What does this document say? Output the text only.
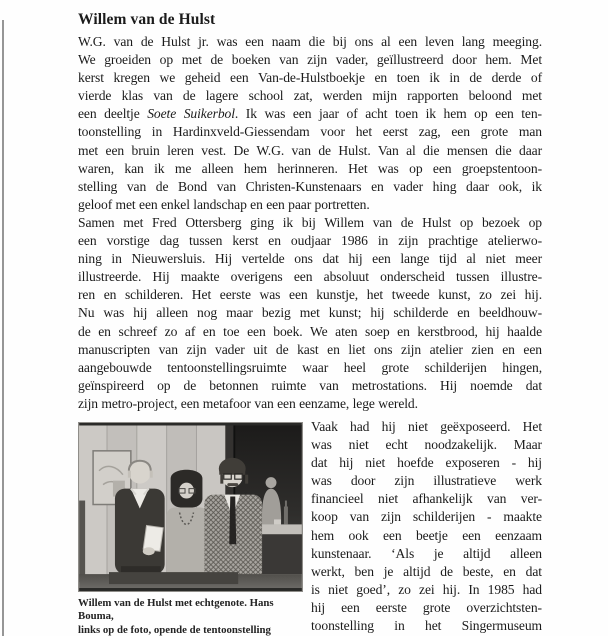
Willem van de Hulst
W.G. van de Hulst jr. was een naam die bij ons al een leven lang meeging.
We groeiden op met de boeken van zijn vader, geïllustreerd door hem. Met
kerst kregen we geheid een Van-de-Hulstboekje en toen ik in de derde of
vierde klas van de lagere school zat, werden mijn rapporten beloond met
een deeltje Soete Suikerbol. Ik was een jaar of acht toen ik hem op een ten-
toonstelling in Hardinxveld-Giessendam voor het eerst zag, een grote man
met een bruin leren vest. De W.G. van de Hulst. Van al die mensen die daar
waren, kan ik me alleen hem herinneren. Het was op een groepstentoon-
stelling van de Bond van Christen-Kunstenaars en vader hing daar ook, ik
geloof met een enkel landschap en een paar portretten.
Samen met Fred Ottersberg ging ik bij Willem van de Hulst op bezoek op
een vorstige dag tussen kerst en oudjaar 1986 in zijn prachtige atelierwo-
ning in Nieuwersluis. Hij vertelde ons dat hij een lange tijd al niet meer
illustreerde. Hij maakte overigens een absoluut onderscheid tussen illustre-
ren en schilderen. Het eerste was een kunstje, het tweede kunst, zo zei hij.
Nu was hij alleen nog maar bezig met kunst; hij schilderde en beeldhouw-
de en schreef zo af en toe een boek. We aten soep en kerstbrood, hij haalde
manuscripten van zijn vader uit de kast en liet ons zijn atelier zien en een
aangebouwde tentoonstellingsruimte waar heel grote schilderijen hingen,
geïnspireerd op de betonnen ruimte van metrostations. Hij noemde dat
zijn metro-project, een metafoor van een eenzame, lege wereld.
Willem van de Hulst met echtgenote. Hans Bouma,
links op de foto, opende de tentoonstelling
Vaak had hij niet geëxposeerd. Het
was niet echt noodzakelijk. Maar
dat hij niet hoefde exposeren - hij
was door zijn illustratieve werk
financieel niet afhankelijk van ver-
koop van zijn schilderijen - maakte
hem ook een beetje een eenzaam
kunstenaar. ‘Als je altijd alleen
werkt, ben je altijd de beste, en dat
is niet goed’, zo zei hij. In 1985 had
hij een eerste grote overzichtsten-
toonstelling in het Singermuseum
